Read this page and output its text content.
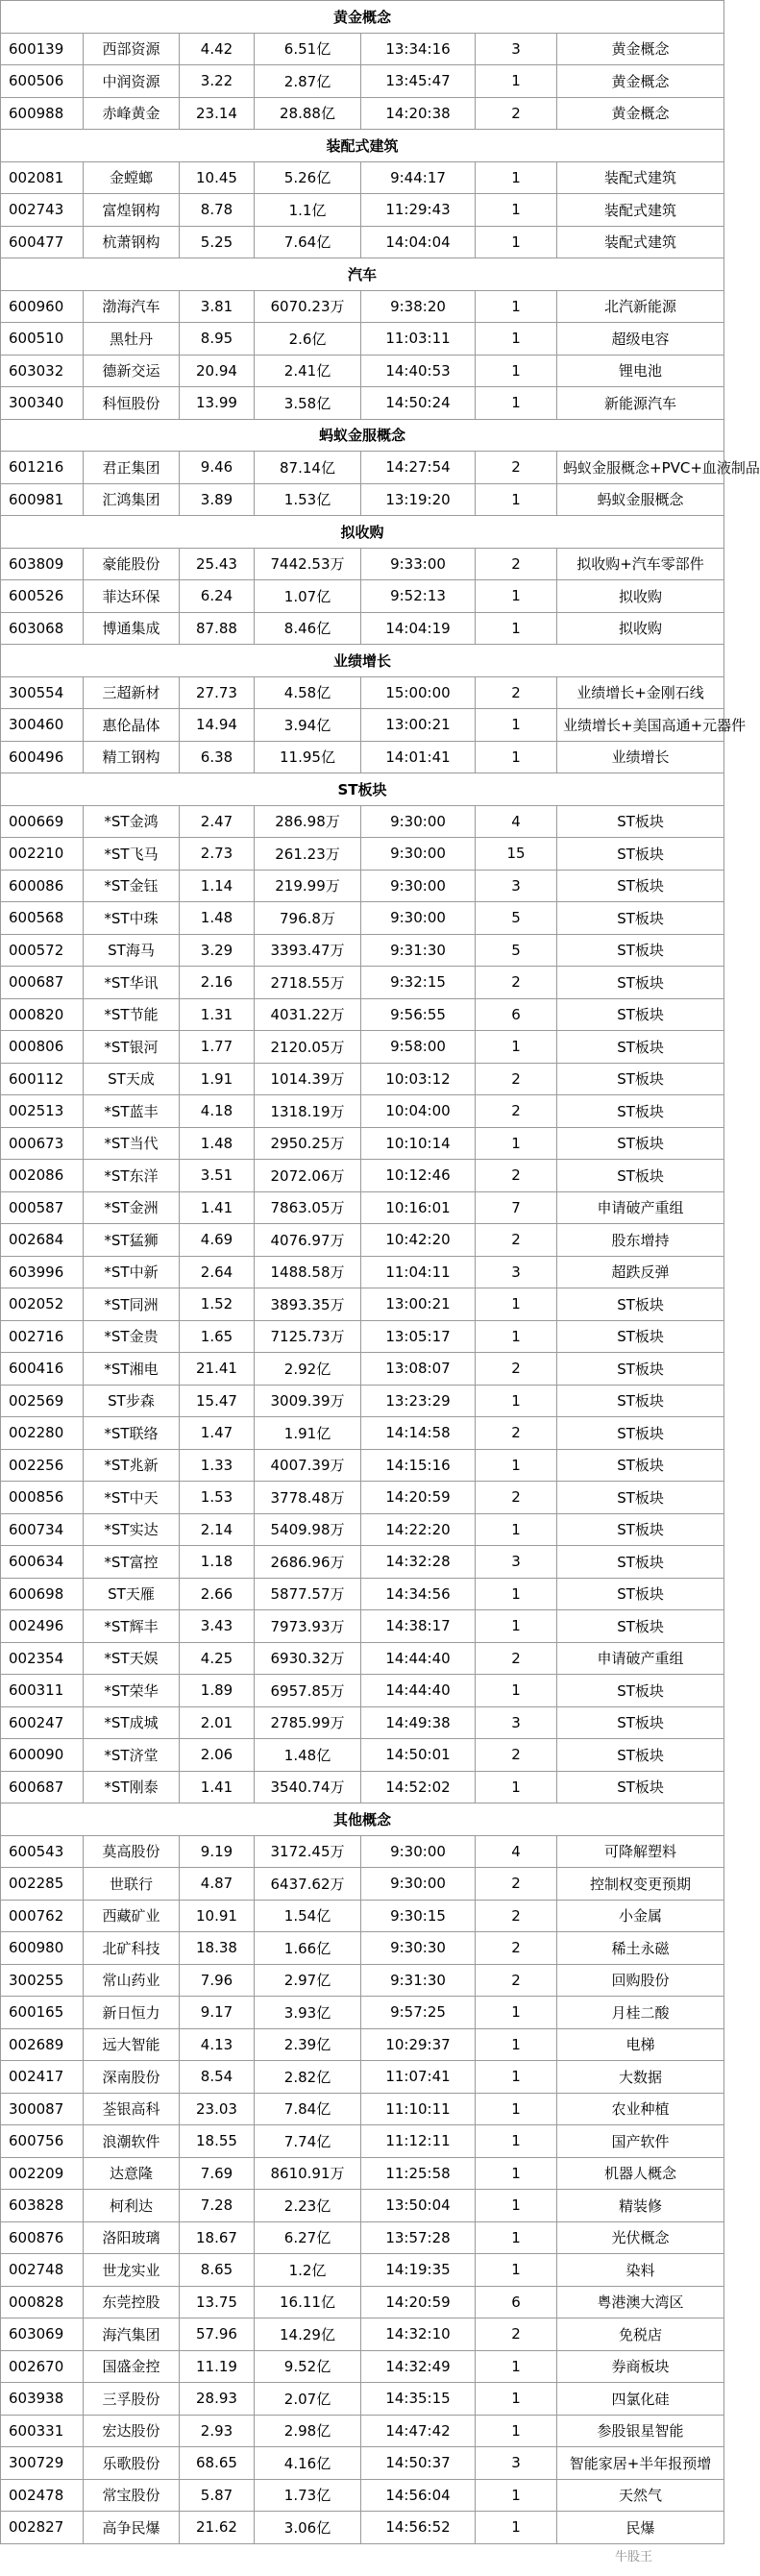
黄金概念						
600139	西部资源	4.42	6.51亿	13:34:16	3	黄金概念
600506	中润资源	3.22	2.87亿	13:45:47	1	黄金概念
600988	赤峰黄金	23.14	28.88亿	14:20:38	2	黄金概念
装配式建筑						
002081	金螳螂	10.45	5.26亿	9:44:17	1	装配式建筑
002743	富煌钢构	8.78	1.1亿	11:29:43	1	装配式建筑
600477	杭萧钢构	5.25	7.64亿	14:04:04	1	装配式建筑
汽车						
600960	渤海汽车	3.81	6070.23万	9:38:20	1	北汽新能源
600510	黑牡丹	8.95	2.6亿	11:03:11	1	超级电容
603032	德新交运	20.94	2.41亿	14:40:53	1	锂电池
300340	科恒股份	13.99	3.58亿	14:50:24	1	新能源汽车
蚂蚁金服概念						
601216	君正集团	9.46	87.14亿	14:27:54	2	蚂蚁金服概念+PVC+血液制品
600981	汇鸿集团	3.89	1.53亿	13:19:20	1	蚂蚁金服概念
拟收购						
603809	豪能股份	25.43	7442.53万	9:33:00	2	拟收购+汽车零部件
600526	菲达环保	6.24	1.07亿	9:52:13	1	拟收购
603068	博通集成	87.88	8.46亿	14:04:19	1	拟收购
业绩增长						
300554	三超新材	27.73	4.58亿	15:00:00	2	业绩增长+金刚石线
300460	惠伦晶体	14.94	3.94亿	13:00:21	1	业绩增长+美国高通+元器件
600496	精工钢构	6.38	11.95亿	14:01:41	1	业绩增长
ST板块						
000669	*ST金鸿	2.47	286.98万	9:30:00	4	ST板块
002210	*ST飞马	2.73	261.23万	9:30:00	15	ST板块
600086	*ST金钰	1.14	219.99万	9:30:00	3	ST板块
600568	*ST中珠	1.48	796.8万	9:30:00	5	ST板块
000572	ST海马	3.29	3393.47万	9:31:30	5	ST板块
000687	*ST华讯	2.16	2718.55万	9:32:15	2	ST板块
000820	*ST节能	1.31	4031.22万	9:56:55	6	ST板块
000806	*ST银河	1.77	2120.05万	9:58:00	1	ST板块
600112	ST天成	1.91	1014.39万	10:03:12	2	ST板块
002513	*ST蓝丰	4.18	1318.19万	10:04:00	2	ST板块
000673	*ST当代	1.48	2950.25万	10:10:14	1	ST板块
002086	*ST东洋	3.51	2072.06万	10:12:46	2	ST板块
000587	*ST金洲	1.41	7863.05万	10:16:01	7	申请破产重组
002684	*ST猛狮	4.69	4076.97万	10:42:20	2	股东增持
603996	*ST中新	2.64	1488.58万	11:04:11	3	超跌反弹
002052	*ST同洲	1.52	3893.35万	13:00:21	1	ST板块
002716	*ST金贵	1.65	7125.73万	13:05:17	1	ST板块
600416	*ST湘电	21.41	2.92亿	13:08:07	2	ST板块
002569	ST步森	15.47	3009.39万	13:23:29	1	ST板块
002280	*ST联络	1.47	1.91亿	14:14:58	2	ST板块
002256	*ST兆新	1.33	4007.39万	14:15:16	1	ST板块
000856	*ST中天	1.53	3778.48万	14:20:59	2	ST板块
600734	*ST实达	2.14	5409.98万	14:22:20	1	ST板块
600634	*ST富控	1.18	2686.96万	14:32:28	3	ST板块
600698	ST天雁	2.66	5877.57万	14:34:56	1	ST板块
002496	*ST辉丰	3.43	7973.93万	14:38:17	1	ST板块
002354	*ST天娱	4.25	6930.32万	14:44:40	2	申请破产重组
600311	*ST荣华	1.89	6957.85万	14:44:40	1	ST板块
600247	*ST成城	2.01	2785.99万	14:49:38	3	ST板块
600090	*ST济堂	2.06	1.48亿	14:50:01	2	ST板块
600687	*ST刚泰	1.41	3540.74万	14:52:02	1	ST板块
其他概念						
600543	莫高股份	9.19	3172.45万	9:30:00	4	可降解塑料
002285	世联行	4.87	6437.62万	9:30:00	2	控制权变更预期
000762	西藏矿业	10.91	1.54亿	9:30:15	2	小金属
600980	北矿科技	18.38	1.66亿	9:30:30	2	稀土永磁
300255	常山药业	7.96	2.97亿	9:31:30	2	回购股份
600165	新日恒力	9.17	3.93亿	9:57:25	1	月桂二酸
002689	远大智能	4.13	2.39亿	10:29:37	1	电梯
002417	深南股份	8.54	2.82亿	11:07:41	1	大数据
300087	荃银高科	23.03	7.84亿	11:10:11	1	农业种植
600756	浪潮软件	18.55	7.74亿	11:12:11	1	国产软件
002209	达意隆	7.69	8610.91万	11:25:58	1	机器人概念
603828	柯利达	7.28	2.23亿	13:50:04	1	精装修
600876	洛阳玻璃	18.67	6.27亿	13:57:28	1	光伏概念
002748	世龙实业	8.65	1.2亿	14:19:35	1	染料
000828	东莞控股	13.75	16.11亿	14:20:59	6	粤港澳大湾区
603069	海汽集团	57.96	14.29亿	14:32:10	2	免税店
002670	国盛金控	11.19	9.52亿	14:32:49	1	券商板块
603938	三孚股份	28.93	2.07亿	14:35:15	1	四氯化硅
600331	宏达股份	2.93	2.98亿	14:47:42	1	参股银星智能
300729	乐歌股份	68.65	4.16亿	14:50:37	3	智能家居+半年报预增
002478	常宝股份	5.87	1.73亿	14:56:04	1	天然气
002827	高争民爆	21.62	3.06亿	14:56:52	1	民爆
牛股王
